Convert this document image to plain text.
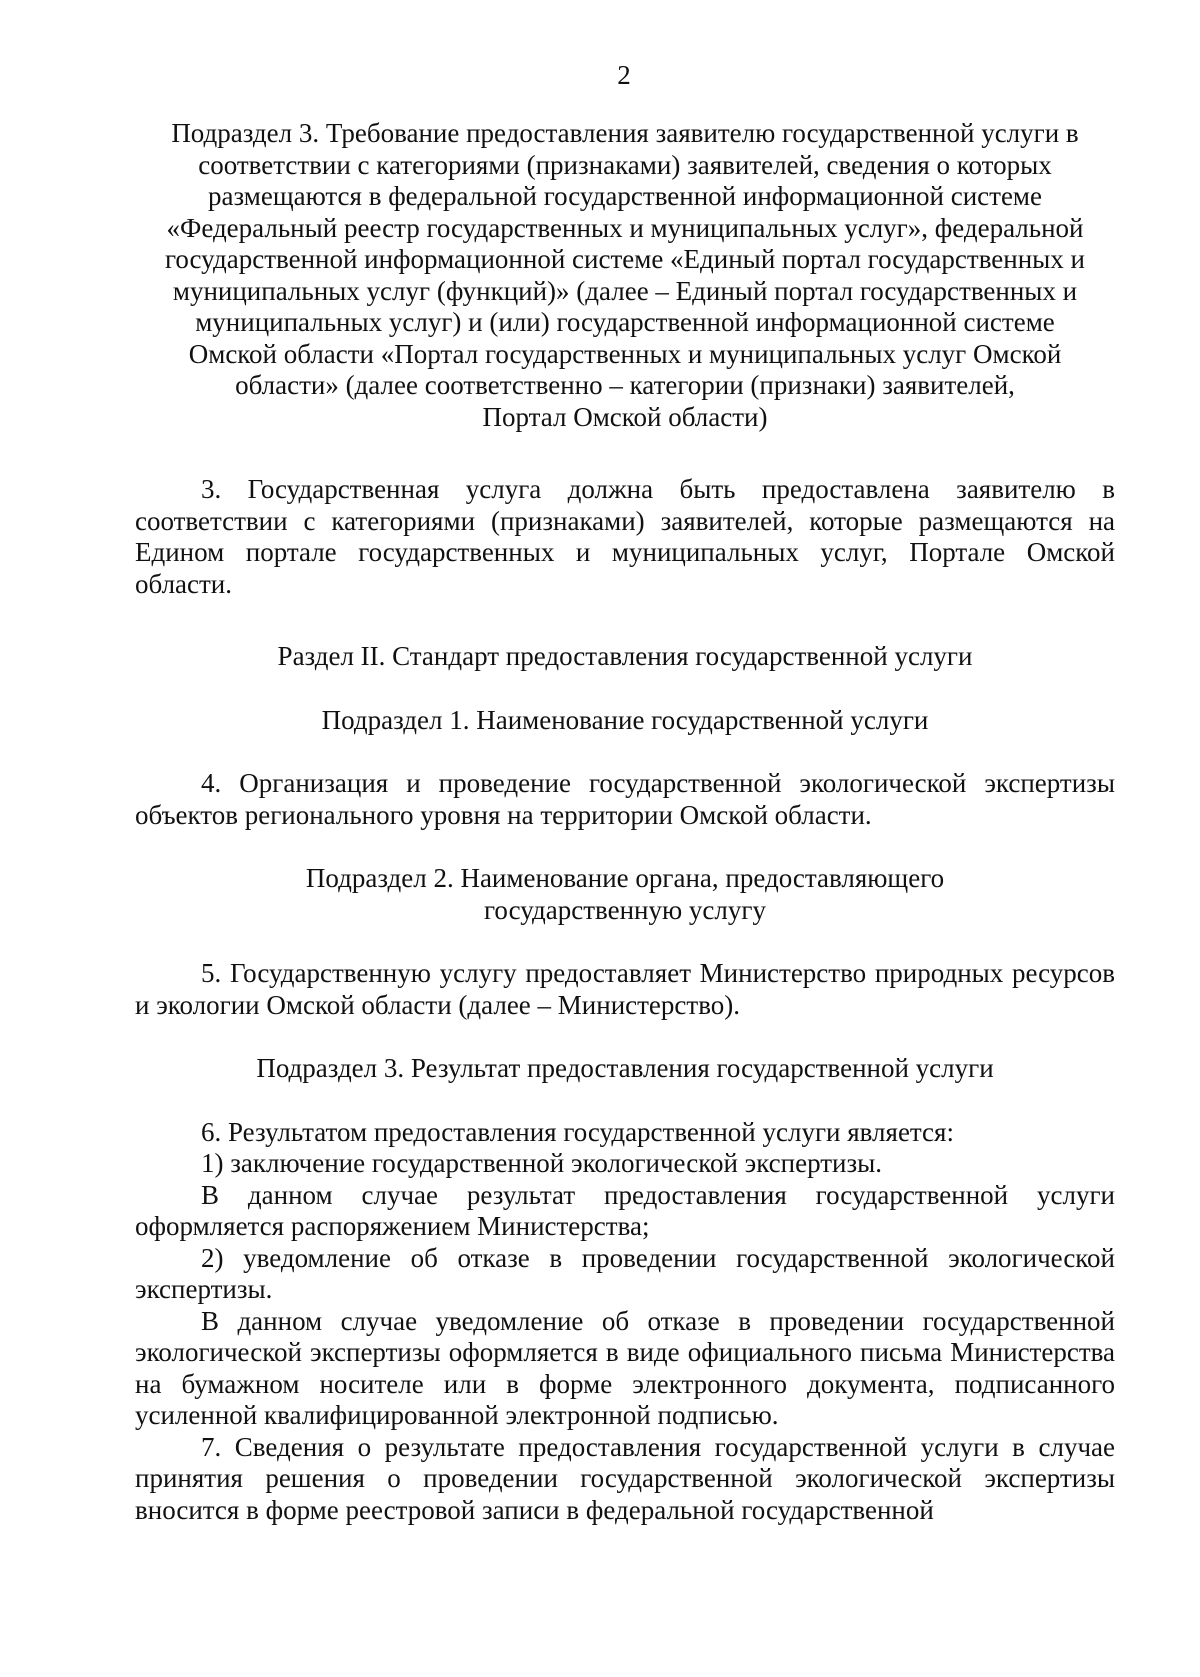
2
Подраздел 3. Требование предоставления заявителю государственной услуги в
соответствии с категориями (признаками) заявителей, сведения о которых
размещаются в федеральной государственной информационной системе
«Федеральный реестр государственных и муниципальных услуг», федеральной
государственной информационной системе «Единый портал государственных и
муниципальных услуг (функций)» (далее – Единый портал государственных и
муниципальных услуг) и (или) государственной информационной системе
Омской области «Портал государственных и муниципальных услуг Омской
области» (далее соответственно – категории (признаки) заявителей,
Портал Омской области)

3. Государственная услуга должна быть предоставлена заявителю в соответствии с категориями (признаками) заявителей, которые размещаются на Едином портале государственных и муниципальных услуг, Портале Омской области.

Раздел II. Стандарт предоставления государственной услуги

Подраздел 1. Наименование государственной услуги

4. Организация и проведение государственной экологической экспертизы объектов регионального уровня на территории Омской области.

Подраздел 2. Наименование органа, предоставляющего
государственную услугу

5. Государственную услугу предоставляет Министерство природных ресурсов и экологии Омской области (далее – Министерство).

Подраздел 3. Результат предоставления государственной услуги

6. Результатом предоставления государственной услуги является:

1) заключение государственной экологической экспертизы.

В данном случае результат предоставления государственной услуги оформляется распоряжением Министерства;

2) уведомление об отказе в проведении государственной экологической экспертизы.

В данном случае уведомление об отказе в проведении государственной экологической экспертизы оформляется в виде официального письма Министерства на бумажном носителе или в форме электронного документа, подписанного усиленной квалифицированной электронной подписью.

7. Сведения о результате предоставления государственной услуги в случае принятия решения о проведении государственной экологической экспертизы вносится в форме реестровой записи в федеральной государственной
